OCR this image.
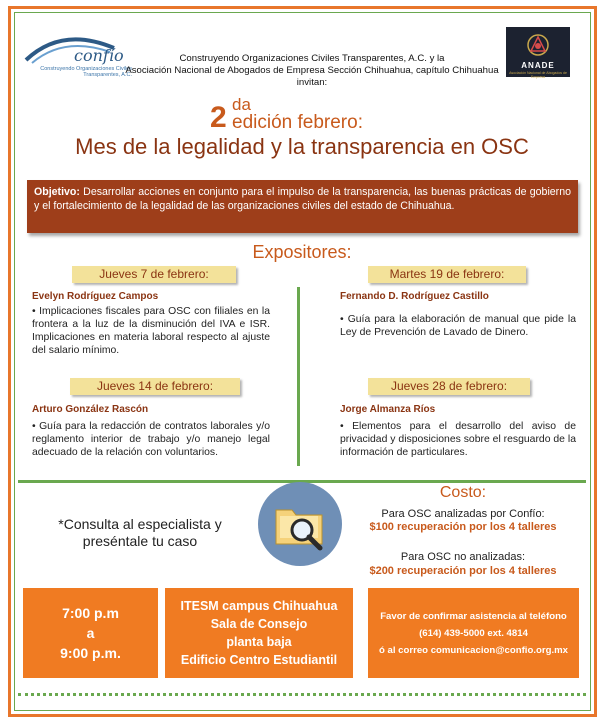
confío
Construyendo Organizaciones Civiles Transparentes, A.C.
ANADE
Asociación Nacional de Abogados de Empresa
Construyendo Organizaciones Civiles Transparentes, A.C. y la
Asociación Nacional de Abogados de Empresa Sección Chihuahua, capítulo Chihuahua
invitan:
2 da
edición febrero:
Mes de la legalidad y la transparencia en OSC
Objetivo: Desarrollar acciones en conjunto para el impulso de la transparencia, las buenas prácticas de gobierno y el fortalecimiento de la legalidad de las organizaciones civiles del estado de Chihuahua.
Expositores:
Jueves 7 de febrero:
Evelyn Rodríguez Campos
• Implicaciones fiscales para OSC con filiales en la frontera a la luz de la disminución del IVA e ISR. Implicaciones en materia laboral respecto al ajuste del salario mínimo.
Martes 19 de febrero:
Fernando D. Rodríguez Castillo
• Guía para la elaboración de manual que pide la Ley de Prevención de Lavado de Dinero.
Jueves 14 de febrero:
Arturo González Rascón
• Guía para la redacción de contratos laborales y/o reglamento interior de trabajo y/o manejo legal adecuado de la relación con voluntarios.
Jueves 28 de febrero:
Jorge Almanza Ríos
• Elementos para el desarrollo del aviso de privacidad y disposiciones sobre el resguardo de la información de particulares.
*Consulta al especialista y preséntale tu caso
Costo:
Para OSC analizadas por Confío:
$100 recuperación por los 4 talleres
Para OSC no analizadas:
$200 recuperación por los 4 talleres
7:00 p.m
a
9:00 p.m.
ITESM campus Chihuahua
Sala de Consejo
planta baja
Edificio Centro Estudiantil
Favor de confirmar asistencia al teléfono
(614) 439-5000 ext. 4814
ó al correo comunicacion@confio.org.mx
